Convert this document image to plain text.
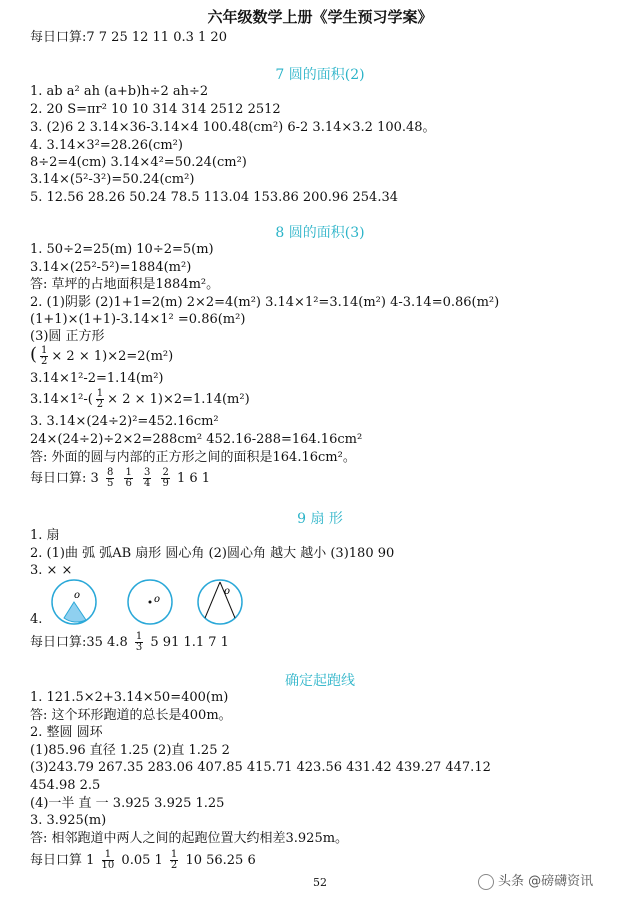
六年级数学上册《学生预习学案》
每日口算:7 7 25 12 11 0.3 1 20
7 圆的面积(2)
1. ab a² ah (a+b)h÷2 ah÷2
2. 20 S=πr² 10 10 314 314 2512 2512
3. (2)6 2 3.14×36-3.14×4 100.48(cm²) 6-2 3.14×3.2 100.48。
4. 3.14×3²=28.26(cm²)
8÷2=4(cm) 3.14×4²=50.24(cm²)
3.14×(5²-3²)=50.24(cm²)
5. 12.56 28.26 50.24 78.5 113.04 153.86 200.96 254.34
8 圆的面积(3)
1. 50÷2=25(m) 10÷2=5(m)
3.14×(25²-5²)=1884(m²)
答: 草坪的占地面积是1884m²。
2. (1)阴影 (2)1+1=2(m) 2×2=4(m²) 3.14×1²=3.14(m²) 4-3.14=0.86(m²)
(1+1)×(1+1)-3.14×1² =0.86(m²)
(3)圆 正方形
( $\frac{1}{2} \times 2 \times 1)\times 2=2(m^2)$
3.14×1²-2=1.14(m²)
$3.14\times 1^2-( \frac{1}{2} \times 2 \times 1)\times 2=1.14(m^2)$
3. 3.14×(24÷2)²=452.16cm²
24×(24÷2)÷2×2=288cm² 452.16-288=164.16cm²
答: 外面的圆与内部的正方形之间的面积是164.16cm²。
每日口算: $3 \frac{8}{5}$
$\frac{1}{6}$
$\frac{3}{4}$
$\frac{2}{9} 1$ 6 1
9 扇 形
1. 扇
2. (1)曲 弧 弧AB 扇形 圆心角 (2)圆心角 越大 越小 (3)180 90
3. × ×
o	o
o
4.
每日口算:35 $4.8 \frac{1}{3} 5$ 91 1.1 7 1
确定起跑线
1. 121.5×2+3.14×50=400(m)
答: 这个环形跑道的总长是400m。
2. 整圆 圆环
(1)85.96 直径 1.25 (2)直 1.25 2
(3)243.79 267.35 283.06 407.85 415.71 423.56 431.42 439.27 447.12
454.98 2.5
(4)一半 直 一 3.925 3.925 1.25
3. 3.925(m)
答: 相邻跑道中两人之间的起跑位置大约相差3.925m。
每日口算 $1 \frac{1}{10} 0.05$ $1 \frac{1}{2} 10$ 56.25 6
52	头条 @磅礴资讯
